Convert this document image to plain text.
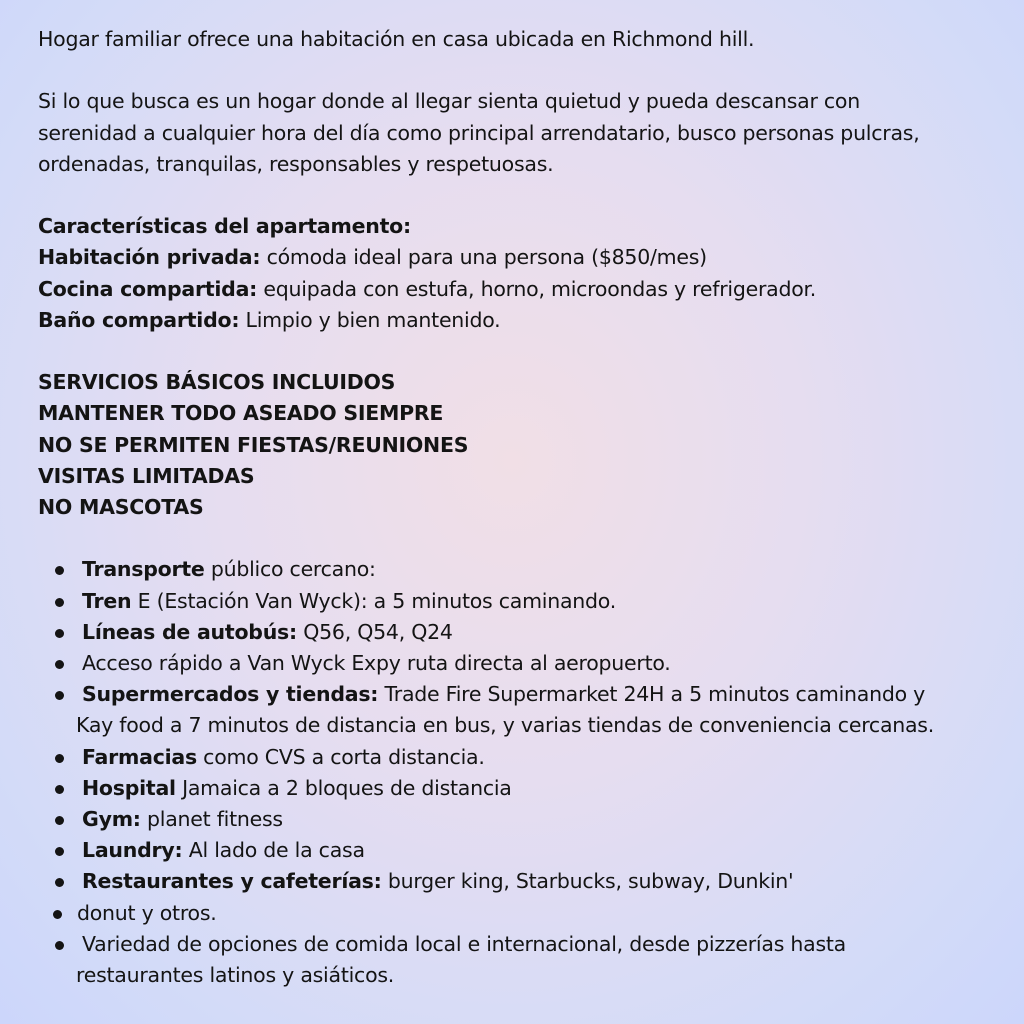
Hogar familiar ofrece una habitación en casa ubicada en Richmond hill.
Si lo que busca es un hogar donde al llegar sienta quietud y pueda descansar con
serenidad a cualquier hora del día como principal arrendatario, busco personas pulcras,
ordenadas, tranquilas, responsables y respetuosas.
Características del apartamento:
Habitación privada: cómoda ideal para una persona ($850/mes)
Cocina compartida: equipada con estufa, horno, microondas y refrigerador.
Baño compartido: Limpio y bien mantenido.
SERVICIOS BÁSICOS INCLUIDOS
MANTENER TODO ASEADO SIEMPRE
NO SE PERMITEN FIESTAS/REUNIONES
VISITAS LIMITADAS
NO MASCOTAS
Transporte público cercano:
Tren E (Estación Van Wyck): a 5 minutos caminando.
Líneas de autobús: Q56, Q54, Q24
Acceso rápido a Van Wyck Expy ruta directa al aeropuerto.
Supermercados y tiendas: Trade Fire Supermarket 24H a 5 minutos caminando y
Kay food a 7 minutos de distancia en bus, y varias tiendas de conveniencia cercanas.
Farmacias como CVS a corta distancia.
Hospital Jamaica a 2 bloques de distancia
Gym: planet fitness
Laundry: Al lado de la casa
Restaurantes y cafeterías: burger king, Starbucks, subway, Dunkin'
donut y otros.
Variedad de opciones de comida local e internacional, desde pizzerías hasta
restaurantes latinos y asiáticos.
